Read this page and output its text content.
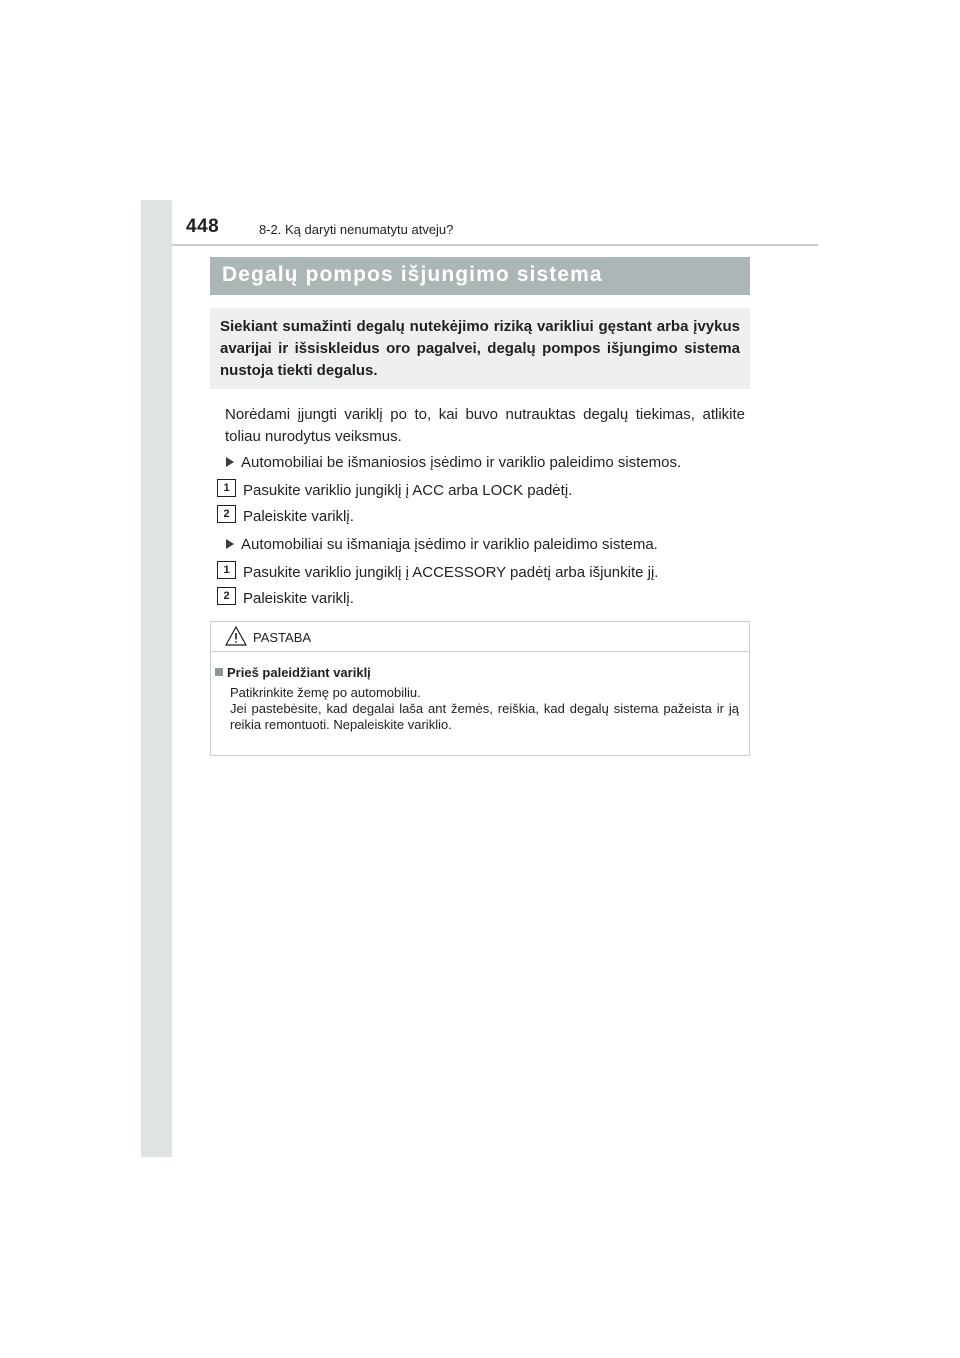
448	8-2. Ką daryti nenumatytu atveju?
Degalų pompos išjungimo sistema
Siekiant sumažinti degalų nutekėjimo riziką varikliui gęstant arba įvykus avarijai ir išsiskleidus oro pagalvei, degalų pompos išjungimo sistema nustoja tiekti degalus.
Norėdami įjungti variklį po to, kai buvo nutrauktas degalų tiekimas, atlikite toliau nurodytus veiksmus.
Automobiliai be išmaniosios įsėdimo ir variklio paleidimo sistemos.
1 Pasukite variklio jungiklį į ACC arba LOCK padėtį.
2 Paleiskite variklį.
Automobiliai su išmaniąja įsėdimo ir variklio paleidimo sistema.
1 Pasukite variklio jungiklį į ACCESSORY padėtį arba išjunkite jį.
2 Paleiskite variklį.
PASTABA
Prieš paleidžiant variklį
Patikrinkite žemę po automobiliu.
Jei pastebėsite, kad degalai laša ant žemės, reiškia, kad degalų sistema pažeista ir ją reikia remontuoti. Nepaleiskite variklio.
